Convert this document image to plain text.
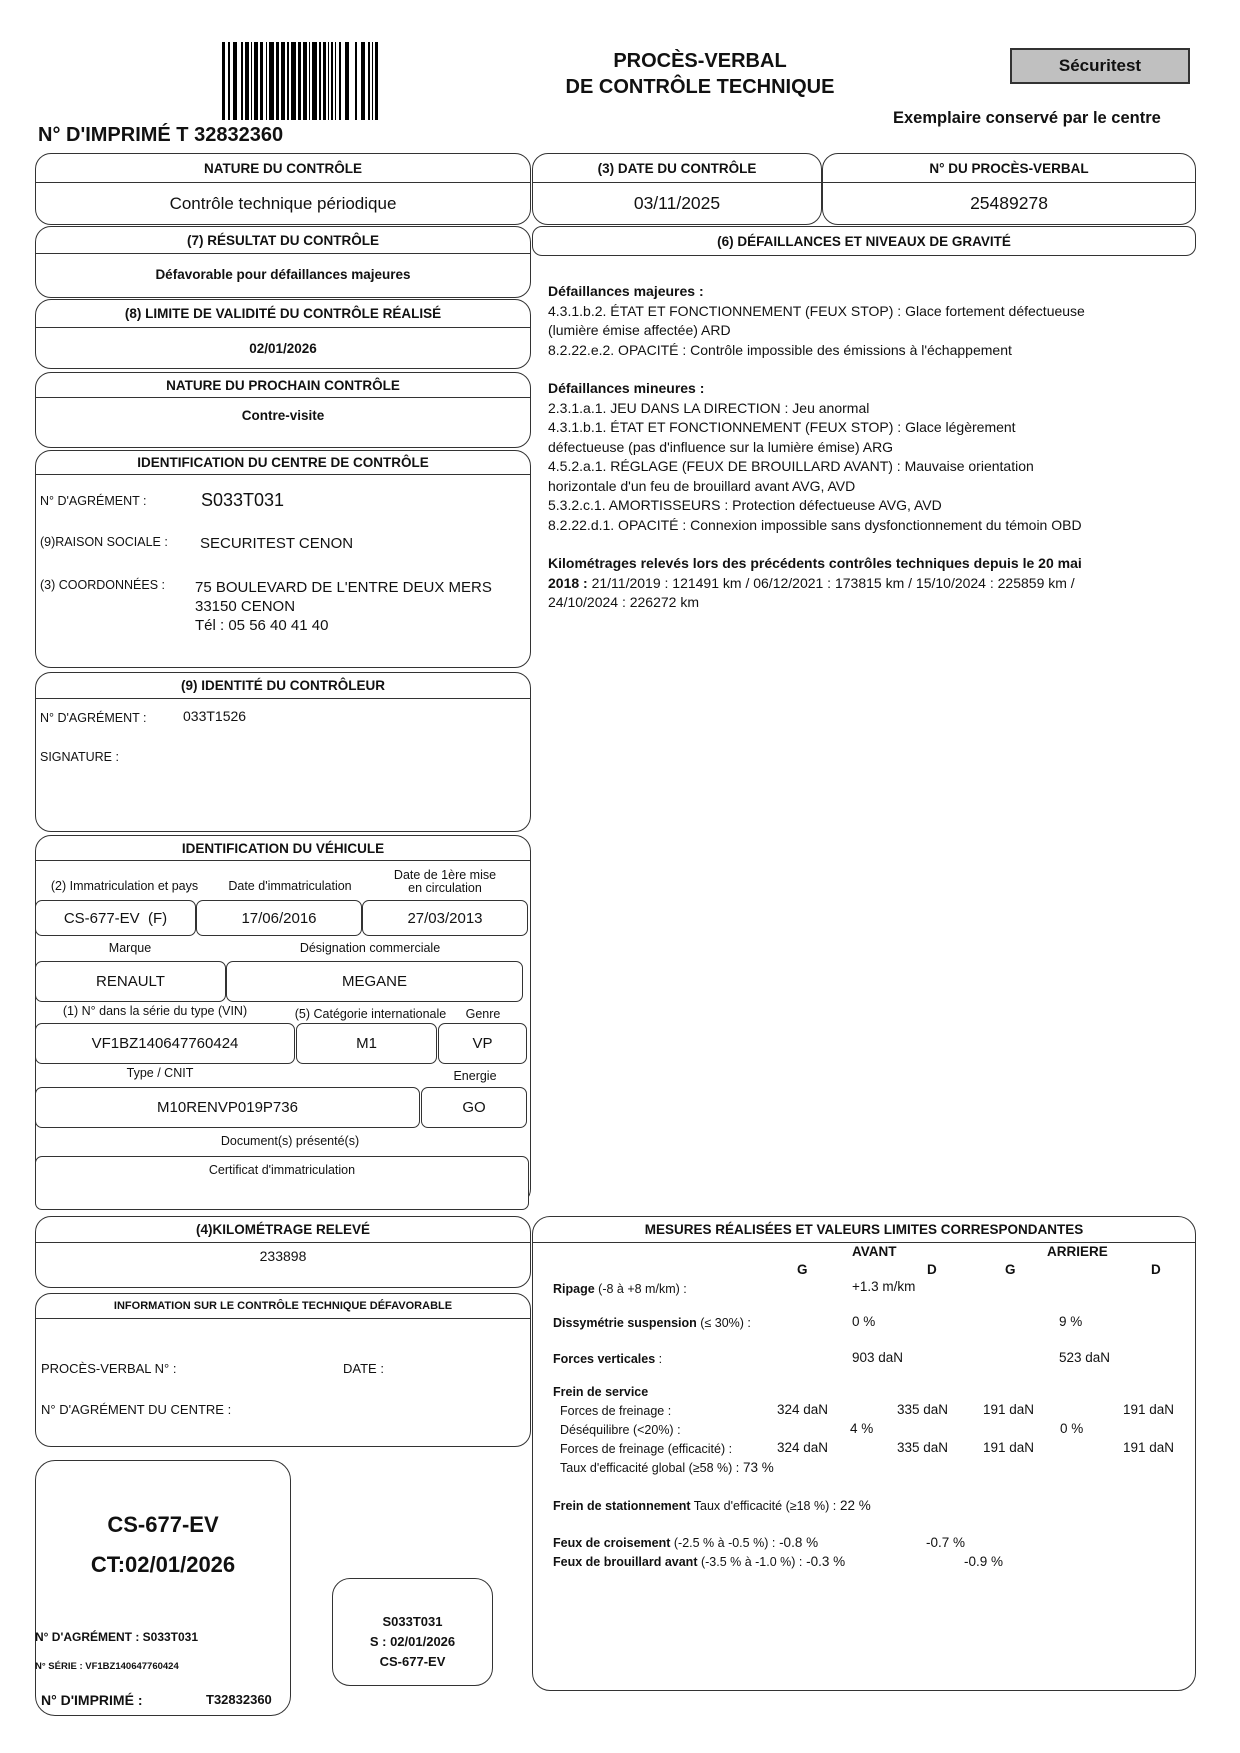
N° D'IMPRIMÉ T 32832360
PROCÈS-VERBAL
DE CONTRÔLE TECHNIQUE
Sécuritest
Exemplaire conservé par le centre
NATURE DU CONTRÔLE
Contrôle technique périodique
(3) DATE DU CONTRÔLE
03/11/2025
N° DU PROCÈS-VERBAL
25489278
(7) RÉSULTAT DU CONTRÔLE
Défavorable pour défaillances majeures
(6) DÉFAILLANCES ET NIVEAUX DE GRAVITÉ
(8) LIMITE DE VALIDITÉ DU CONTRÔLE RÉALISÉ
02/01/2026
NATURE DU PROCHAIN CONTRÔLE
Contre-visite
IDENTIFICATION DU CENTRE DE CONTRÔLE
N° D'AGRÉMENT :	S033T031
(9)RAISON SOCIALE : SECURITEST CENON
(3) COORDONNÉES : 75 BOULEVARD DE L'ENTRE DEUX MERS
33150 CENON
Tél : 05 56 40 41 40
(9) IDENTITÉ DU CONTRÔLEUR
N° D'AGRÉMENT :	033T1526
SIGNATURE :
IDENTIFICATION DU VÉHICULE
(2) Immatriculation et pays	Date d'immatriculation
Date de 1ère mise
en circulation
CS-677-EV  (F)	17/06/2016	27/03/2013
Marque	Désignation commerciale
RENAULT	MEGANE
(1) N° dans la série du type (VIN)	(5) Catégorie internationale	Genre
VF1BZ140647760424	M1	VP
Type / CNIT	Energie
M10RENVP019P736	GO
Document(s) présenté(s)
Certificat d'immatriculation
(4)KILOMÉTRAGE RELEVÉ
233898
INFORMATION SUR LE CONTRÔLE TECHNIQUE DÉFAVORABLE
PROCÈS-VERBAL N° :	DATE :
N° D'AGRÉMENT DU CENTRE :
CS-677-EV
CT:02/01/2026
N° D'AGRÉMENT : S033T031
N° SÉRIE : VF1BZ140647760424
N° D'IMPRIMÉ :	T32832360
S033T031
S : 02/01/2026
CS-677-EV
Défaillances majeures :
4.3.1.b.2. ÉTAT ET FONCTIONNEMENT (FEUX STOP) : Glace fortement défectueuse
(lumière émise affectée) ARD
8.2.22.e.2. OPACITÉ : Contrôle impossible des émissions à l'échappement
Défaillances mineures :
2.3.1.a.1. JEU DANS LA DIRECTION : Jeu anormal
4.3.1.b.1. ÉTAT ET FONCTIONNEMENT (FEUX STOP) : Glace légèrement
défectueuse (pas d'influence sur la lumière émise) ARG
4.5.2.a.1. RÉGLAGE (FEUX DE BROUILLARD AVANT) : Mauvaise orientation
horizontale d'un feu de brouillard avant AVG, AVD
5.3.2.c.1. AMORTISSEURS : Protection défectueuse AVG, AVD
8.2.22.d.1. OPACITÉ : Connexion impossible sans dysfonctionnement du témoin OBD
Kilométrages relevés lors des précédents contrôles techniques depuis le 20 mai
2018 : 21/11/2019 : 121491 km / 06/12/2021 : 173815 km / 15/10/2024 : 225859 km /
24/10/2024 : 226272 km
MESURES RÉALISÉES ET VALEURS LIMITES CORRESPONDANTES
AVANT	ARRIERE
G	D	G	D
Ripage (-8 à +8 m/km) :	+1.3 m/km
Dissymétrie suspension (≤ 30%) :	0 %	9 %
Forces verticales :	903 daN	523 daN
Frein de service
Forces de freinage :	324 daN	335 daN	191 daN	191 daN
Déséquilibre (<20%) :	4 %	0 %
Forces de freinage (efficacité) :	324 daN	335 daN	191 daN	191 daN
Taux d'efficacité global (≥58 %) : 73 %
Frein de stationnement Taux d'efficacité (≥18 %) : 22 %
Feux de croisement (-2.5 % à -0.5 %) : -0.8 %	-0.7 %
Feux de brouillard avant (-3.5 % à -1.0 %) : -0.3 %	-0.9 %
